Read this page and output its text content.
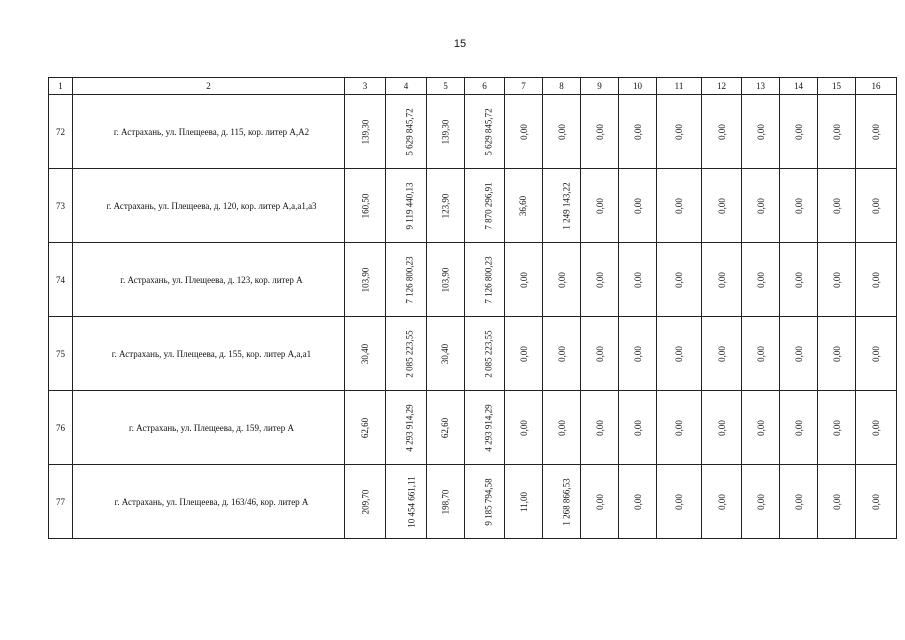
15
1	2	3	4	5	6	7	8	9	10	11	12	13	14	15	16
72	г. Астрахань, ул. Плещеева, д. 115, кор. литер А,А2	139,30	5 629 845,72	139,30	5 629 845,72	0,00	0,00	0,00	0,00	0,00	0,00	0,00	0,00	0,00	0,00
73	г. Астрахань, ул. Плещеева, д. 120, кор. литер А,а,а1,а3	160,50	9 119 440,13	123,90	7 870 296,91	36,60	1 249 143,22	0,00	0,00	0,00	0,00	0,00	0,00	0,00	0,00
74	г. Астрахань, ул. Плещеева, д. 123, кор. литер А	103,90	7 126 800,23	103,90	7 126 800,23	0,00	0,00	0,00	0,00	0,00	0,00	0,00	0,00	0,00	0,00
75	г. Астрахань, ул. Плещеева, д. 155, кор. литер А,а,а1	30,40	2 085 223,55	30,40	2 085 223,55	0,00	0,00	0,00	0,00	0,00	0,00	0,00	0,00	0,00	0,00
76	г. Астрахань, ул. Плещеева, д. 159, литер А	62,60	4 293 914,29	62,60	4 293 914,29	0,00	0,00	0,00	0,00	0,00	0,00	0,00	0,00	0,00	0,00
77	г. Астрахань, ул. Плещеева, д. 163/46, кор. литер А	209,70	10 454 661,11	198,70	9 185 794,58	11,00	1 268 866,53	0,00	0,00	0,00	0,00	0,00	0,00	0,00	0,00
